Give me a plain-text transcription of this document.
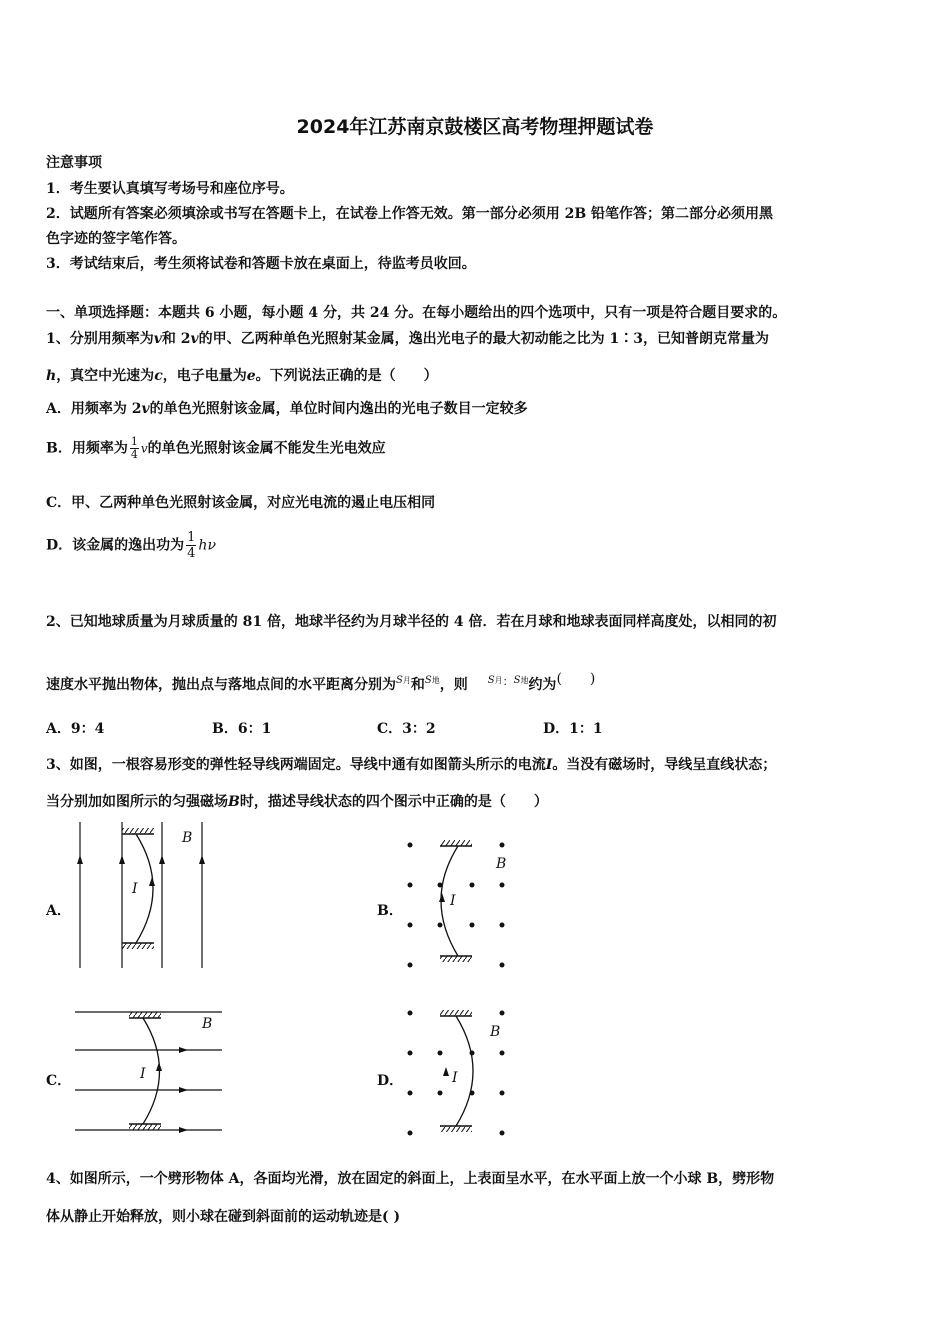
2024年江苏南京鼓楼区高考物理押题试卷
注意事项
1．考生要认真填写考场号和座位序号。
2．试题所有答案必须填涂或书写在答题卡上，在试卷上作答无效。第一部分必须用 2B 铅笔作答；第二部分必须用黑
色字迹的签字笔作答。
3．考试结束后，考生须将试卷和答题卡放在桌面上，待监考员收回。
一、单项选择题：本题共 6 小题，每小题 4 分，共 24 分。在每小题给出的四个选项中，只有一项是符合题目要求的。
1、分别用频率为v和 2v的甲、乙两种单色光照射某金属，逸出光电子的最大初动能之比为 1∶3，已知普朗克常量为
h，真空中光速为c，电子电量为e。下列说法正确的是（　　）
A．用频率为 2v的单色光照射该金属，单位时间内逸出的光电子数目一定较多
B．用频率为 $\frac{1}{4}$ v的单色光照射该金属不能发生光电效应
C．甲、乙两种单色光照射该金属，对应光电流的遏止电压相同
D．该金属的逸出功为 $\frac{1}{4}$ hν
2、已知地球质量为月球质量的 81 倍，地球半径约为月球半径的 4 倍．若在月球和地球表面同样高度处，以相同的初
速度水平抛出物体，抛出点与落地点间的水平距离分别为$^{S月}$和$^{S地}$，则 $^{S月:S地}$约为(　　)
A．9：4	B．6：1	C．3：2	D．1：1
3、如图，一根容易形变的弹性轻导线两端固定。导线中通有如图箭头所示的电流I。当没有磁场时，导线呈直线状态；
当分别加如图所示的匀强磁场B时，描述导线状态的四个图示中正确的是（　　）
A．	B．
C．	D．
I
B
I
B
I
B
I
B
4、如图所示，一个劈形物体 A，各面均光滑，放在固定的斜面上，上表面呈水平，在水平面上放一个小球 B，劈形物
体从静止开始释放，则小球在碰到斜面前的运动轨迹是( )
